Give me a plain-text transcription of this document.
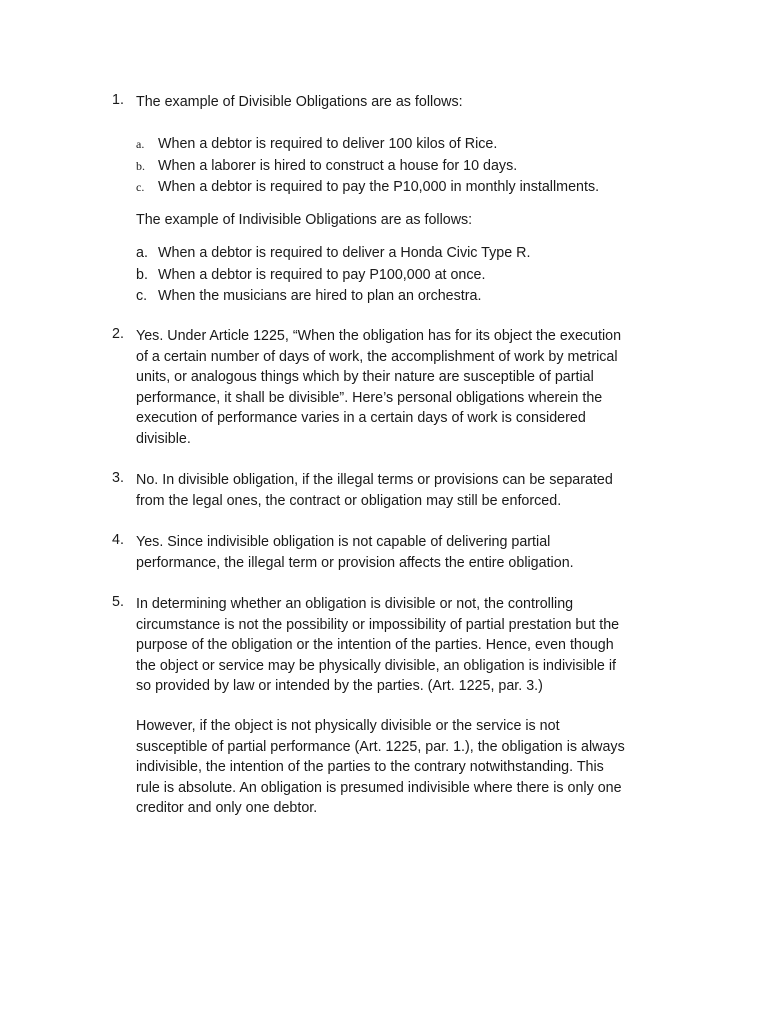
1. The example of Divisible Obligations are as follows:

a. When a debtor is required to deliver 100 kilos of Rice.
b. When a laborer is hired to construct a house for 10 days.
c. When a debtor is required to pay the P10,000 in monthly installments.

The example of Indivisible Obligations are as follows:

a. When a debtor is required to deliver a Honda Civic Type R.
b. When a debtor is required to pay P100,000 at once.
c. When the musicians are hired to plan an orchestra.
2. Yes. Under Article 1225, “When the obligation has for its object the execution

of a certain number of days of work, the accomplishment of work by metrical

units, or analogous things which by their nature are susceptible of partial

performance, it shall be divisible”. Here’s personal obligations wherein the

execution of performance varies in a certain days of work is considered

divisible.

3. No. In divisible obligation, if the illegal terms or provisions can be separated

from the legal ones, the contract or obligation may still be enforced.

4. Yes. Since indivisible obligation is not capable of delivering partial

performance, the illegal term or provision affects the entire obligation.

5. In determining whether an obligation is divisible or not, the controlling

circumstance is not the possibility or impossibility of partial prestation but the

purpose of the obligation or the intention of the parties. Hence, even though

the object or service may be physically divisible, an obligation is indivisible if

so provided by law or intended by the parties. (Art. 1225, par. 3.)

However, if the object is not physically divisible or the service is not

susceptible of partial performance (Art. 1225, par. 1.), the obligation is always

indivisible, the intention of the parties to the contrary notwithstanding. This

rule is absolute. An obligation is presumed indivisible where there is only one

creditor and only one debtor.
